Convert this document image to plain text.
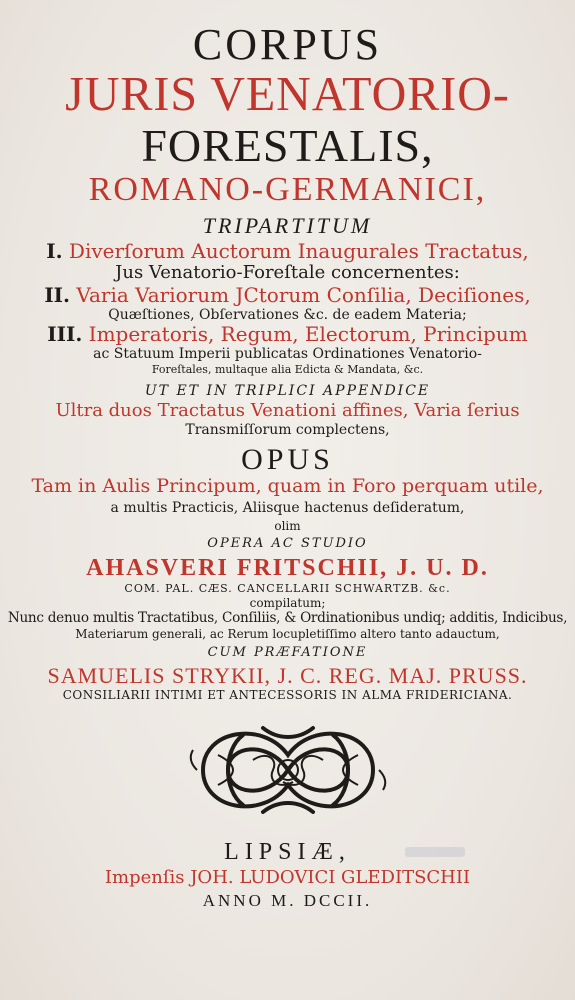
CORPUS
JURIS VENATORIO-
FORESTALIS,
ROMANO-GERMANICI,
TRIPARTITUM
I. Diverſorum Auctorum Inaugurales Tractatus,
Jus Venatorio-Foreſtale concernentes:
II. Varia Variorum JCtorum Conſilia, Deciſiones,
Quæſtiones, Obſervationes &c. de eadem Materia;
III. Imperatoris, Regum, Electorum, Principum
ac Statuum Imperii publicatas Ordinationes Venatorio-
Foreſtales, multaque alia Edicta & Mandata, &c.
UT ET IN TRIPLICI APPENDICE
Ultra duos Tractatus Venationi affines, Varia ſerius
Transmiſſorum complectens,
OPUS
Tam in Aulis Principum, quam in Foro perquam utile,
a multis Practicis, Aliisque hactenus deſideratum,
olim
OPERA AC STUDIO
AHASVERI FRITSCHII, J. U. D.
COM. PAL. CÆS. CANCELLARII SCHWARTZB. &c.
compilatum;
Nunc denuo multis Tractatibus, Conſiliis, & Ordinationibus undiq; additis, Indicibus,
Materiarum generali, ac Rerum locupletiſſimo altero tanto adauctum,
CUM PRÆFATIONE
SAMUELIS STRYKII, J. C. REG. MAJ. PRUSS.
CONSILIARII INTIMI ET ANTECESSORIS IN ALMA FRIDERICIANA.
LIPSIÆ,
Impenſis JOH. LUDOVICI GLEDITSCHII
ANNO M. DCCII.
